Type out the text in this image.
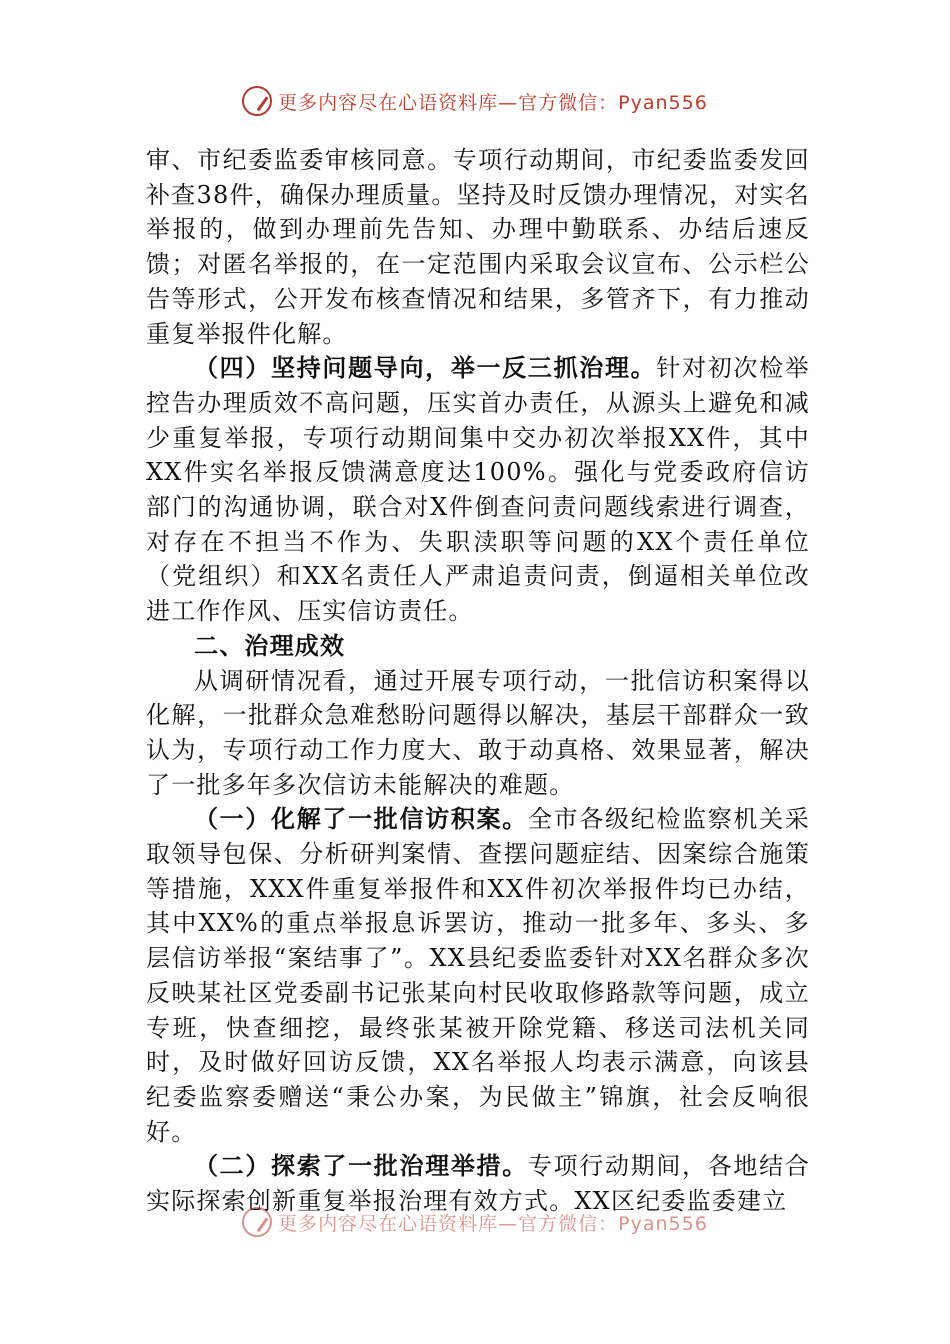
更多内容尽在心语资料库—官方微信：Pyan556

审、市纪委监委审核同意。专项行动期间，市纪委监委发回补查38件，确保办理质量。坚持及时反馈办理情况，对实名举报的，做到办理前先告知、办理中勤联系、办结后速反馈；对匿名举报的，在一定范围内采取会议宣布、公示栏公告等形式，公开发布核查情况和结果，多管齐下，有力推动重复举报件化解。

（四）坚持问题导向，举一反三抓治理。针对初次检举控告办理质效不高问题，压实首办责任，从源头上避免和减少重复举报，专项行动期间集中交办初次举报XX件，其中XX件实名举报反馈满意度达100%。强化与党委政府信访部门的沟通协调，联合对X件倒查问责问题线索进行调查，对存在不担当不作为、失职渎职等问题的XX个责任单位（党组织）和XX名责任人严肃追责问责，倒逼相关单位改进工作作风、压实信访责任。

二、治理成效

从调研情况看，通过开展专项行动，一批信访积案得以化解，一批群众急难愁盼问题得以解决，基层干部群众一致认为，专项行动工作力度大、敢于动真格、效果显著，解决了一批多年多次信访未能解决的难题。

（一）化解了一批信访积案。全市各级纪检监察机关采取领导包保、分析研判案情、查摆问题症结、因案综合施策等措施，XXX件重复举报件和XX件初次举报件均已办结，其中XX%的重点举报息诉罢访，推动一批多年、多头、多层信访举报“案结事了”。XX县纪委监委针对XX名群众多次反映某社区党委副书记张某向村民收取修路款等问题，成立专班，快查细挖，最终张某被开除党籍、移送司法机关同时，及时做好回访反馈，XX名举报人均表示满意，向该县纪委监察委赠送“秉公办案，为民做主”锦旗，社会反响很好。

（二）探索了一批治理举措。专项行动期间，各地结合实际探索创新重复举报治理有效方式。XX区纪委监委建立

更多内容尽在心语资料库—官方微信：Pyan556
